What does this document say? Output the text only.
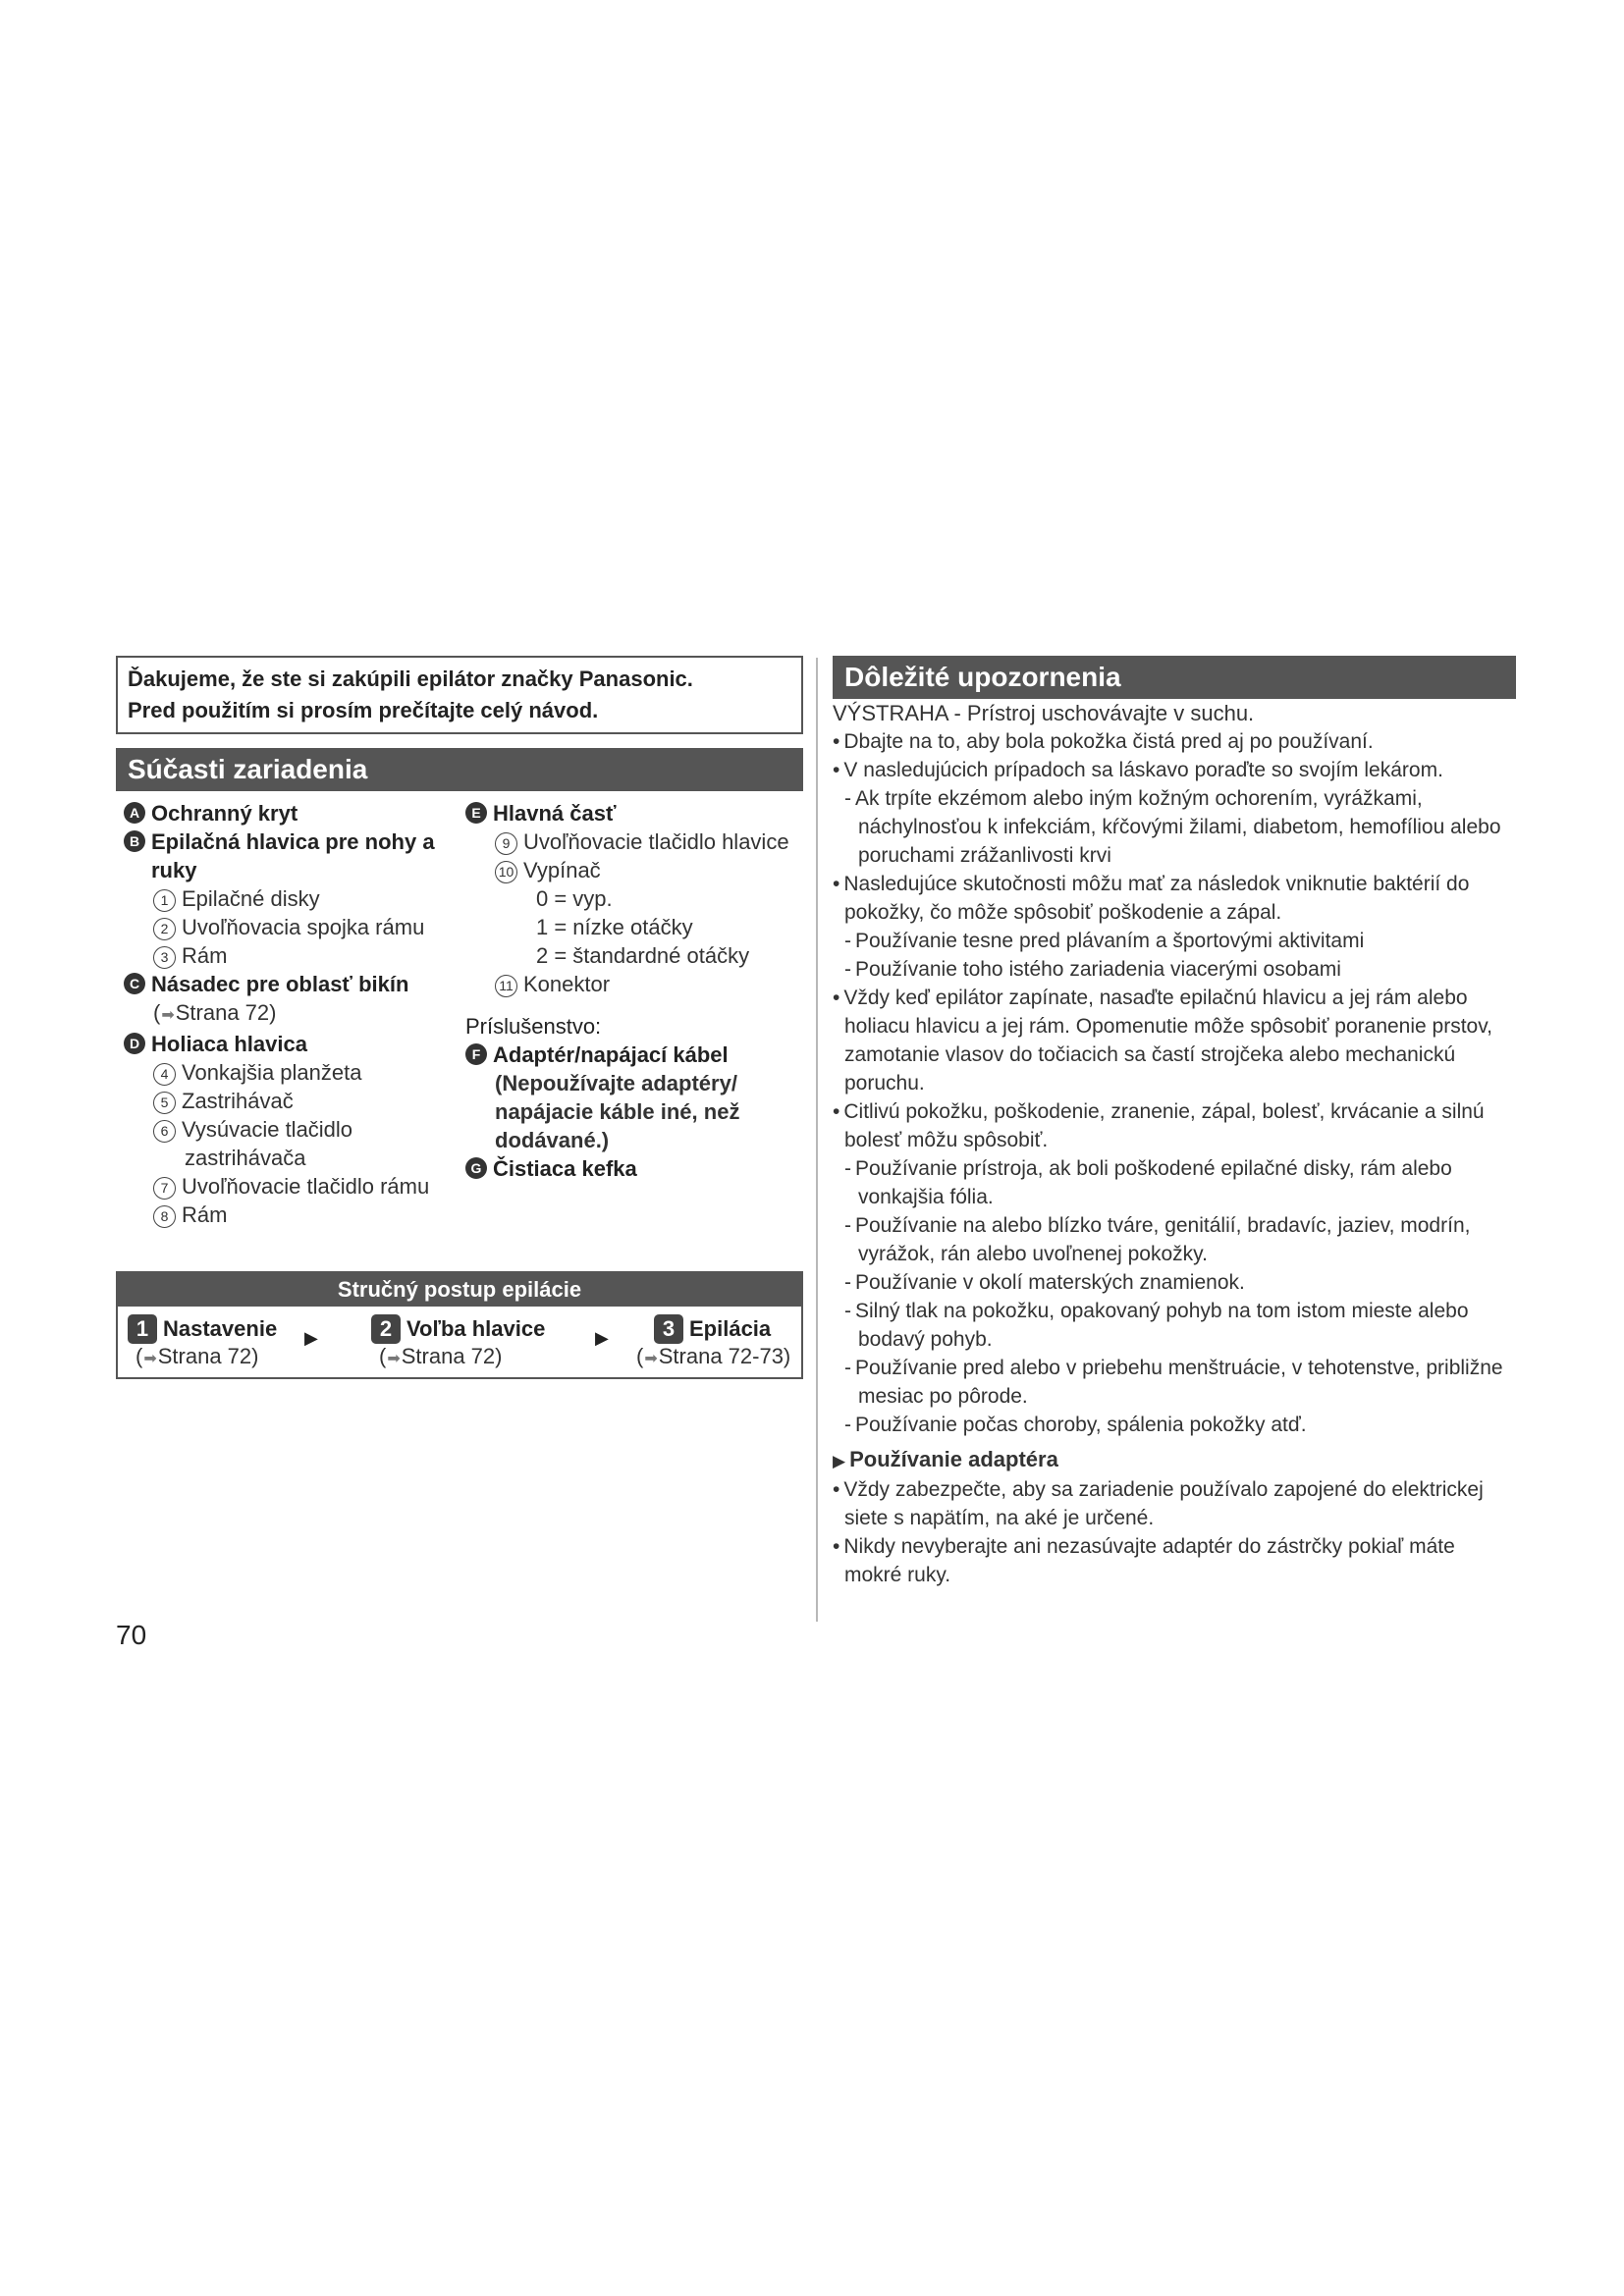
Ďakujeme, že ste si zakúpili epilátor značky Panasonic.
Pred použitím si prosím prečítajte celý návod.
Súčasti zariadenia
A Ochranný kryt
B Epilačná hlavica pre nohy a ruky
1 Epilačné disky
2 Uvoľňovacia spojka rámu
3 Rám
C Násadec pre oblasť bikín
( ➡ Strana 72)
D Holiaca hlavica
4 Vonkajšia planžeta
5 Zastrihávač
6 Vysúvacie tlačidlo
zastrihávača
7 Uvoľňovacie tlačidlo rámu
8 Rám
E Hlavná časť
9 Uvoľňovacie tlačidlo hlavice
10 Vypínač
0 = vyp.
1 = nízke otáčky
2 = štandardné otáčky
11 Konektor
Príslušenstvo:
F Adaptér/napájací kábel
(Nepoužívajte adaptéry/
napájacie káble iné, než
dodávané.)
G Čistiaca kefka
Stručný postup epilácie
1 Nastavenie
( ➡ Strana 72)
▶	2 Voľba hlavice
( ➡ Strana 72)
▶	3 Epilácia
( ➡ Strana 72-73)
Dôležité upozornenia

VÝSTRAHA - Prístroj uschovávajte v suchu.

• Dbajte na to, aby bola pokožka čistá pred aj po používaní.

• V nasledujúcich prípadoch sa láskavo poraďte so svojím lekárom.

- Ak trpíte ekzémom alebo iným kožným ochorením, vyrážkami, náchylnosťou k infekciám, kŕčovými žilami, diabetom, hemofíliou alebo poruchami zrážanlivosti krvi

• Nasledujúce skutočnosti môžu mať za následok vniknutie baktérií do pokožky, čo môže spôsobiť poškodenie a zápal.

- Používanie tesne pred plávaním a športovými aktivitami

- Používanie toho istého zariadenia viacerými osobami

• Vždy keď epilátor zapínate, nasaďte epilačnú hlavicu a jej rám alebo holiacu hlavicu a jej rám. Opomenutie môže spôsobiť poranenie prstov, zamotanie vlasov do točiacich sa častí strojčeka alebo mechanickú poruchu.

• Citlivú pokožku, poškodenie, zranenie, zápal, bolesť, krvácanie a silnú bolesť môžu spôsobiť.

- Používanie prístroja, ak boli poškodené epilačné disky, rám alebo vonkajšia fólia.

- Používanie na alebo blízko tváre, genitálií, bradavíc, jaziev, modrín, vyrážok, rán alebo uvoľnenej pokožky.

- Používanie v okolí materských znamienok.

- Silný tlak na pokožku, opakovaný pohyb na tom istom mieste alebo bodavý pohyb.

- Používanie pred alebo v priebehu menštruácie, v tehotenstve, približne mesiac po pôrode.

- Používanie počas choroby, spálenia pokožky atď.

▶ Používanie adaptéra

• Vždy zabezpečte, aby sa zariadenie používalo zapojené do elektrickej siete s napätím, na aké je určené.

• Nikdy nevyberajte ani nezasúvajte adaptér do zástrčky pokiaľ máte mokré ruky.

70
